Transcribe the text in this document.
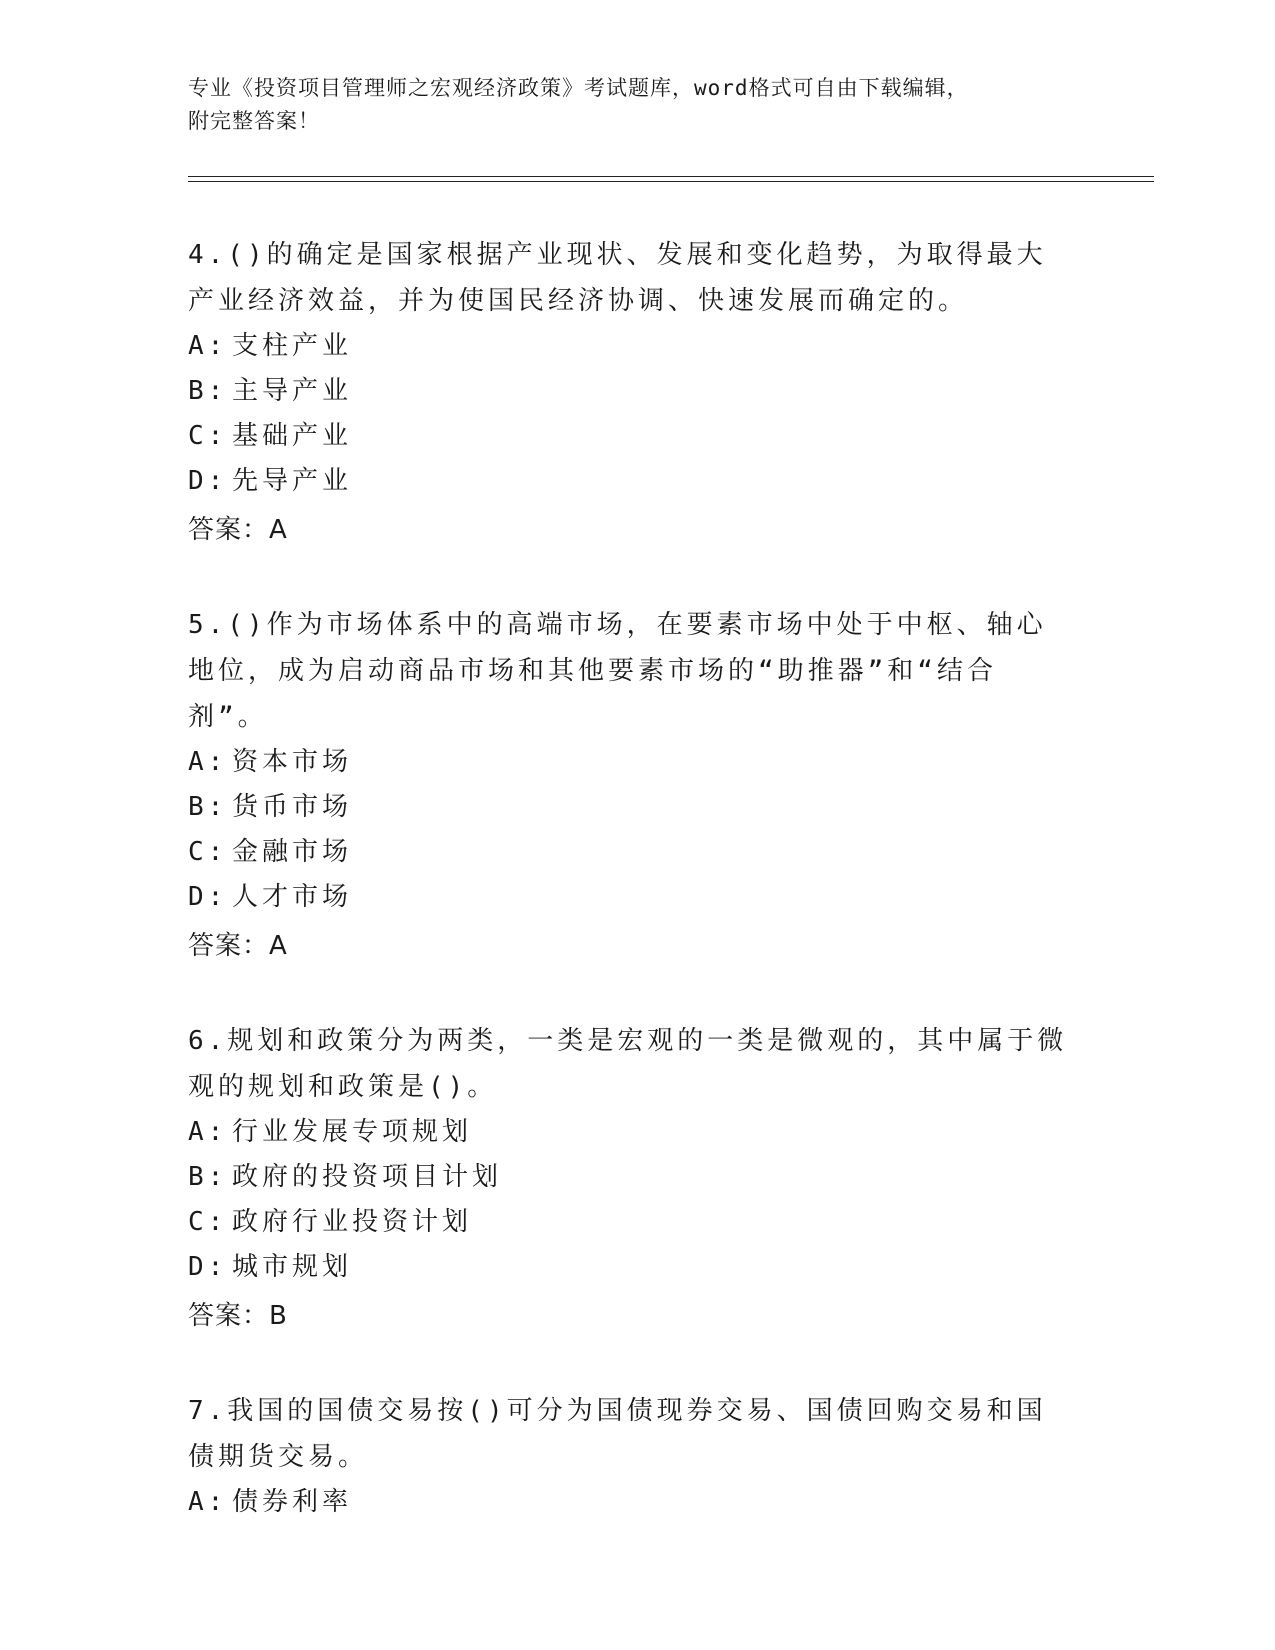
专业《投资项目管理师之宏观经济政策》考试题库，word格式可自由下载编辑，
附完整答案！

4.()的确定是国家根据产业现状、发展和变化趋势，为取得最大产业经济效益，并为使国民经济协调、快速发展而确定的。

A: 支柱产业
B: 主导产业
C: 基础产业
D: 先导产业
答案：A

5.()作为市场体系中的高端市场，在要素市场中处于中枢、轴心地位，成为启动商品市场和其他要素市场的“助推器”和“结合剂”。

A: 资本市场
B: 货币市场
C: 金融市场
D: 人才市场
答案：A

6.规划和政策分为两类，一类是宏观的一类是微观的，其中属于微观的规划和政策是()。

A: 行业发展专项规划
B: 政府的投资项目计划
C: 政府行业投资计划
D: 城市规划
答案：B

7.我国的国债交易按()可分为国债现券交易、国债回购交易和国债期货交易。

A: 债券利率
